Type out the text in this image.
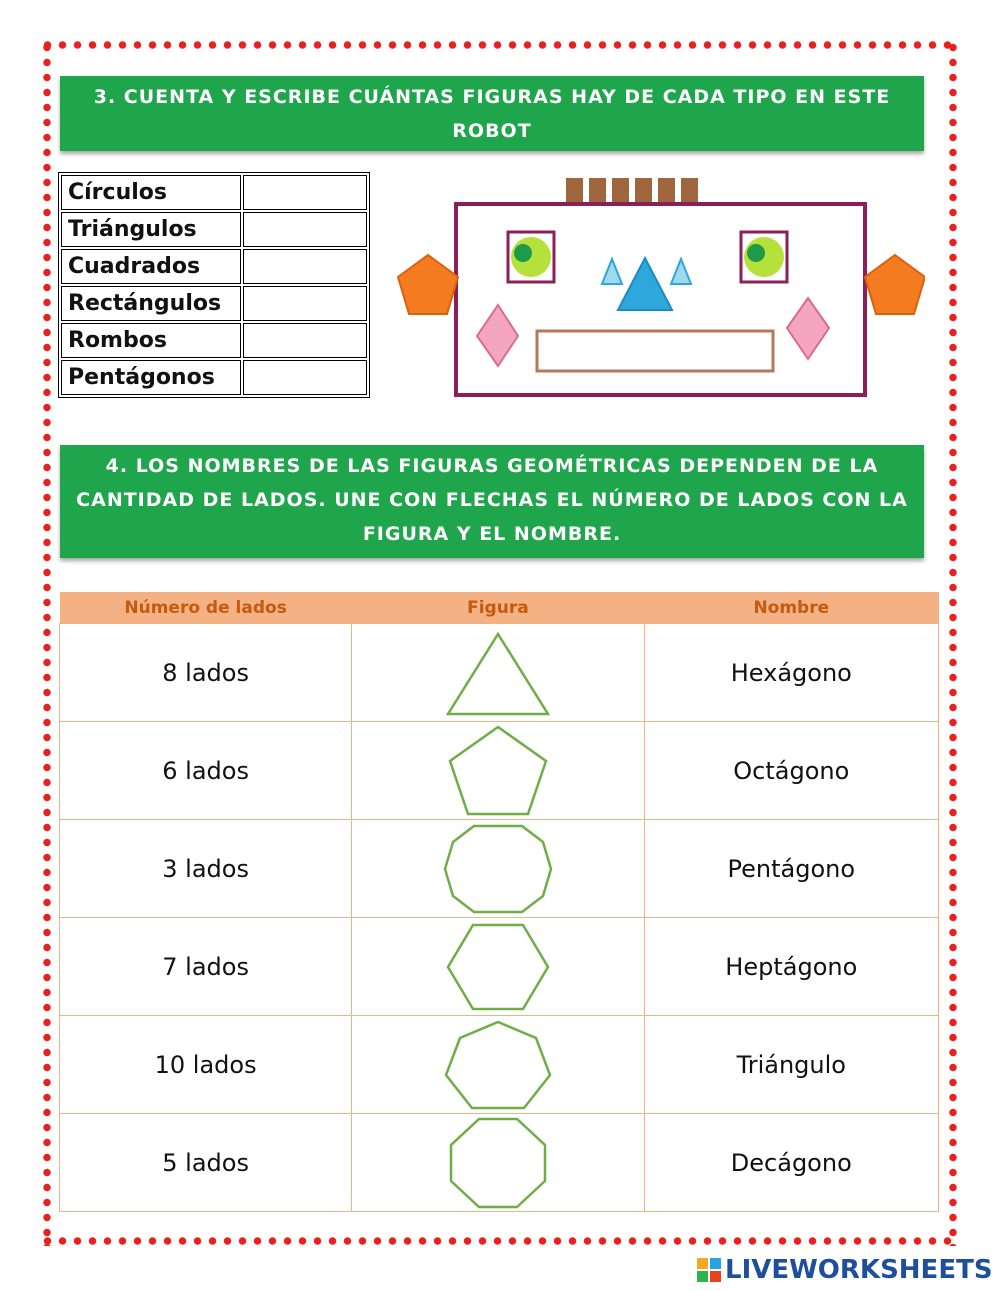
3. CUENTA Y ESCRIBE CUÁNTAS FIGURAS HAY DE CADA TIPO EN ESTE ROBOT
Círculos	
Triángulos	
Cuadrados	
Rectángulos	
Rombos	
Pentágonos	
4. LOS NOMBRES DE LAS FIGURAS GEOMÉTRICAS DEPENDEN DE LA CANTIDAD DE LADOS. UNE CON FLECHAS EL NÚMERO DE LADOS CON LA FIGURA Y EL NOMBRE.
Número de lados	Figura	Nombre
8 lados		Hexágono
6 lados		Octágono
3 lados		Pentágono
7 lados		Heptágono
10 lados		Triángulo
5 lados		Decágono
LIVEWORKSHEETS
